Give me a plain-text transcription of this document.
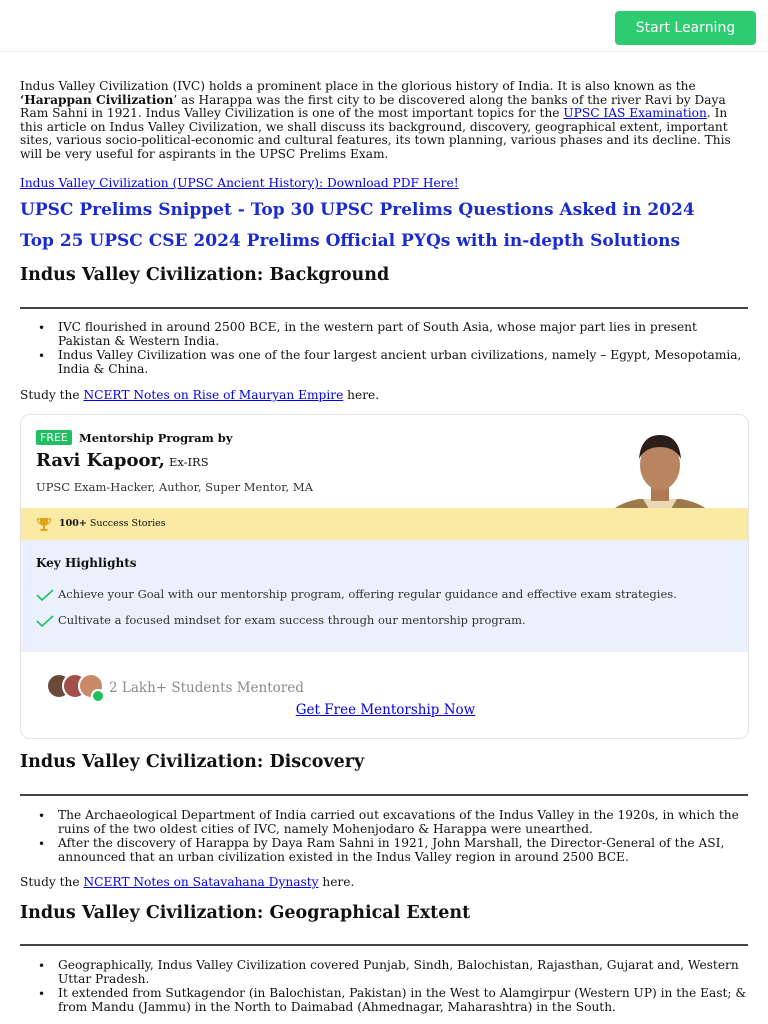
Start Learning

Indus Valley Civilization (IVC) holds a prominent place in the glorious history of India. It is also known as the ‘Harappan Civilization’ as Harappa was the first city to be discovered along the banks of the river Ravi by Daya Ram Sahni in 1921. Indus Valley Civilization is one of the most important topics for the UPSC IAS Examination. In this article on Indus Valley Civilization, we shall discuss its background, discovery, geographical extent, important sites, various socio-political-economic and cultural features, its town planning, various phases and its decline. This will be very useful for aspirants in the UPSC Prelims Exam.

Indus Valley Civilization (UPSC Ancient History): Download PDF Here!
UPSC Prelims Snippet - Top 30 UPSC Prelims Questions Asked in 2024
Top 25 UPSC CSE 2024 Prelims Official PYQs with in-depth Solutions
Indus Valley Civilization: Background
• IVC flourished in around 2500 BCE, in the western part of South Asia, whose major part lies in present Pakistan & Western India.
• Indus Valley Civilization was one of the four largest ancient urban civilizations, namely – Egypt, Mesopotamia, India & China.
Study the NCERT Notes on Rise of Mauryan Empire here.
FREE Mentorship Program by
Ravi Kapoor, Ex-IRS
UPSC Exam-Hacker, Author, Super Mentor, MA
100+ Success Stories
Key Highlights
Achieve your Goal with our mentorship program, offering regular guidance and effective exam strategies.
Cultivate a focused mindset for exam success through our mentorship program.
2 Lakh+ Students Mentored
Get Free Mentorship Now
Indus Valley Civilization: Discovery
• The Archaeological Department of India carried out excavations of the Indus Valley in the 1920s, in which the ruins of the two oldest cities of IVC, namely Mohenjodaro & Harappa were unearthed.
• After the discovery of Harappa by Daya Ram Sahni in 1921, John Marshall, the Director-General of the ASI, announced that an urban civilization existed in the Indus Valley region in around 2500 BCE.
Study the NCERT Notes on Satavahana Dynasty here.
Indus Valley Civilization: Geographical Extent
• Geographically, Indus Valley Civilization covered Punjab, Sindh, Balochistan, Rajasthan, Gujarat and, Western Uttar Pradesh.
• It extended from Sutkagendor (in Balochistan, Pakistan) in the West to Alamgirpur (Western UP) in the East; & from Mandu (Jammu) in the North to Daimabad (Ahmednagar, Maharashtra) in the South.
